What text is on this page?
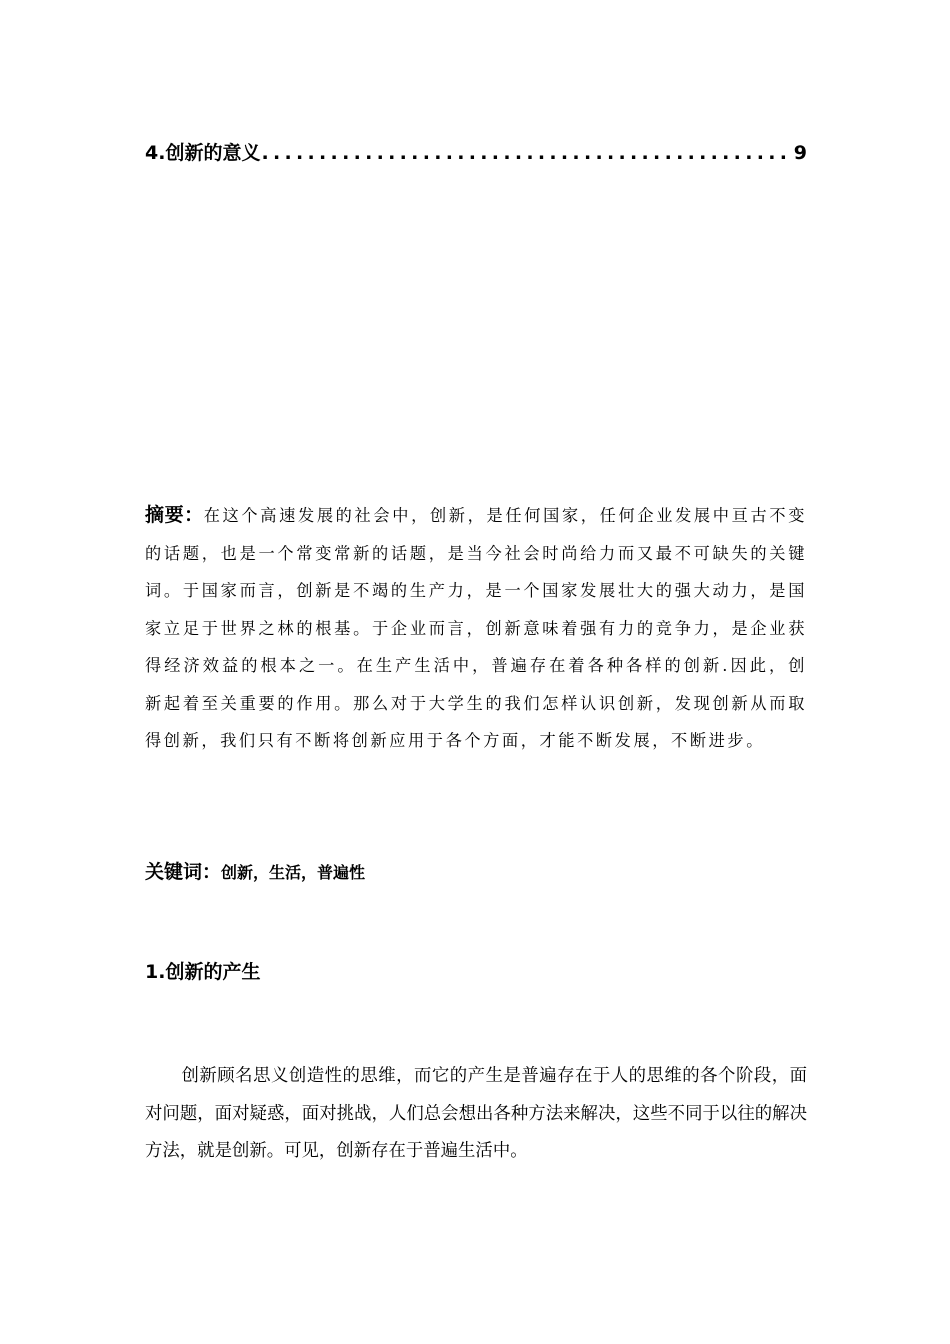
4.创新的意义 .............................................. 9
摘要：在这个高速发展的社会中，创新，是任何国家，任何企业发展中亘古不变的话题，也是一个常变常新的话题，是当今社会时尚给力而又最不可缺失的关键词。于国家而言，创新是不竭的生产力，是一个国家发展壮大的强大动力，是国家立足于世界之林的根基。于企业而言，创新意味着强有力的竞争力，是企业获得经济效益的根本之一。在生产生活中，普遍存在着各种各样的创新.因此，创新起着至关重要的作用。那么对于大学生的我们怎样认识创新，发现创新从而取得创新，我们只有不断将创新应用于各个方面，才能不断发展，不断进步。
关键词：创新，生活，普遍性
1.创新的产生
创新顾名思义创造性的思维，而它的产生是普遍存在于人的思维的各个阶段，面对问题，面对疑惑，面对挑战，人们总会想出各种方法来解决，这些不同于以往的解决方法，就是创新。可见，创新存在于普遍生活中。
